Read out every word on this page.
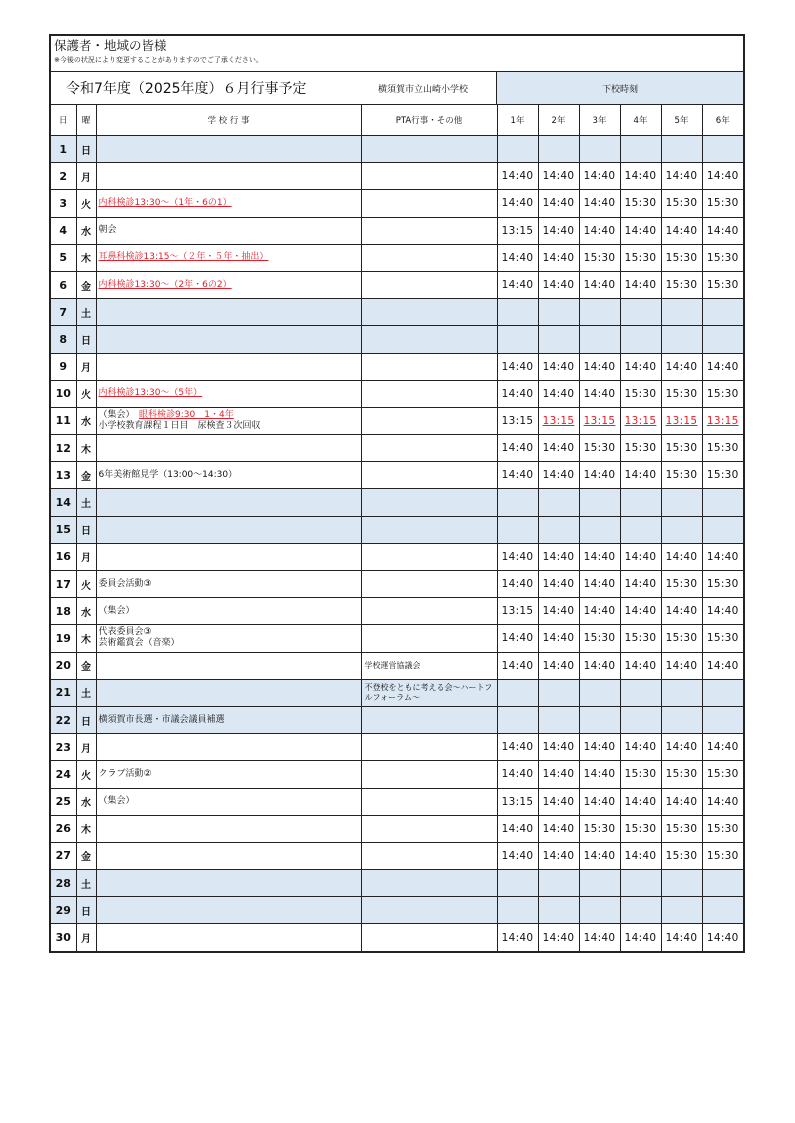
保護者・地域の皆様
※今後の状況により変更することがありますのでご了承ください。
令和7年度（2025年度）６月行事予定	横須賀市立山崎小学校	下校時刻
日	曜	学 校 行 事	PTA行事・その他	1年	2年	3年	4年	5年	6年
1	日								
2	月			14:40	14:40	14:40	14:40	14:40	14:40
3	火	内科検診13:30～（1年・6の1）		14:40	14:40	14:40	15:30	15:30	15:30
4	水	朝会		13:15	14:40	14:40	14:40	14:40	14:40
5	木	耳鼻科検診13:15～（２年・５年・抽出）		14:40	14:40	15:30	15:30	15:30	15:30
6	金	内科検診13:30～（2年・6の2）		14:40	14:40	14:40	14:40	15:30	15:30
7	土								
8	日								
9	月			14:40	14:40	14:40	14:40	14:40	14:40
10	火	内科検診13:30～（5年）		14:40	14:40	14:40	15:30	15:30	15:30
11	水	（集会）　 眼科検診9:30　1・4年
小学校教育課程１日目　尿検査３次回収		13:15	13:15	13:15	13:15	13:15	13:15
12	木			14:40	14:40	15:30	15:30	15:30	15:30
13	金	6年美術館見学（13:00～14:30）		14:40	14:40	14:40	14:40	15:30	15:30
14	土								
15	日								
16	月			14:40	14:40	14:40	14:40	14:40	14:40
17	火	委員会活動③		14:40	14:40	14:40	14:40	15:30	15:30
18	水	（集会）		13:15	14:40	14:40	14:40	14:40	14:40
19	木	代表委員会③
芸術鑑賞会（音楽）		14:40	14:40	15:30	15:30	15:30	15:30
20	金		学校運営協議会	14:40	14:40	14:40	14:40	14:40	14:40
21	土		不登校をともに考える会～ハートフルフォーラム～						
22	日	横須賀市長選・市議会議員補選							
23	月			14:40	14:40	14:40	14:40	14:40	14:40
24	火	クラブ活動②		14:40	14:40	14:40	15:30	15:30	15:30
25	水	（集会）		13:15	14:40	14:40	14:40	14:40	14:40
26	木			14:40	14:40	15:30	15:30	15:30	15:30
27	金			14:40	14:40	14:40	14:40	15:30	15:30
28	土								
29	日								
30	月			14:40	14:40	14:40	14:40	14:40	14:40
